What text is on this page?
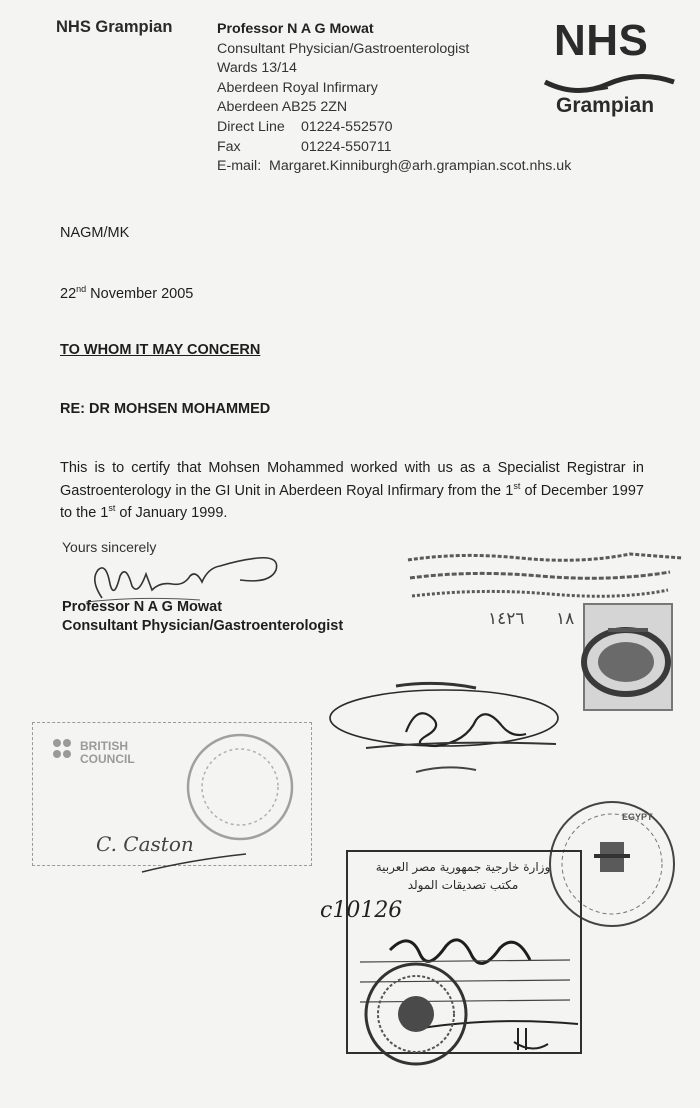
NHS Grampian	Professor N A G Mowat
Consultant Physician/Gastroenterologist
Wards 13/14
Aberdeen Royal Infirmary
Aberdeen AB25 2ZN
Direct Line 01224-552570
Fax	01224-550711
E-mail: Margaret.Kinniburgh@arh.grampian.scot.nhs.uk
NHS
Grampian
NAGM/MK
22nd November 2005
TO WHOM IT MAY CONCERN
RE: DR MOHSEN MOHAMMED
This is to certify that Mohsen Mohammed worked with us as a Specialist Registrar in Gastroenterology in the GI Unit in Aberdeen Royal Infirmary from the 1st of December 1997 to the 1st of January 1999.
Yours sincerely
Professor N A G Mowat
Consultant Physician/Gastroenterologist	١٤٢٦ ١٨
BRITISH
COUNCIL
C. Caston
EGYPT
وزارة خارجية جمهورية مصر العربية
مكتب تصديقات المولد
c10126
